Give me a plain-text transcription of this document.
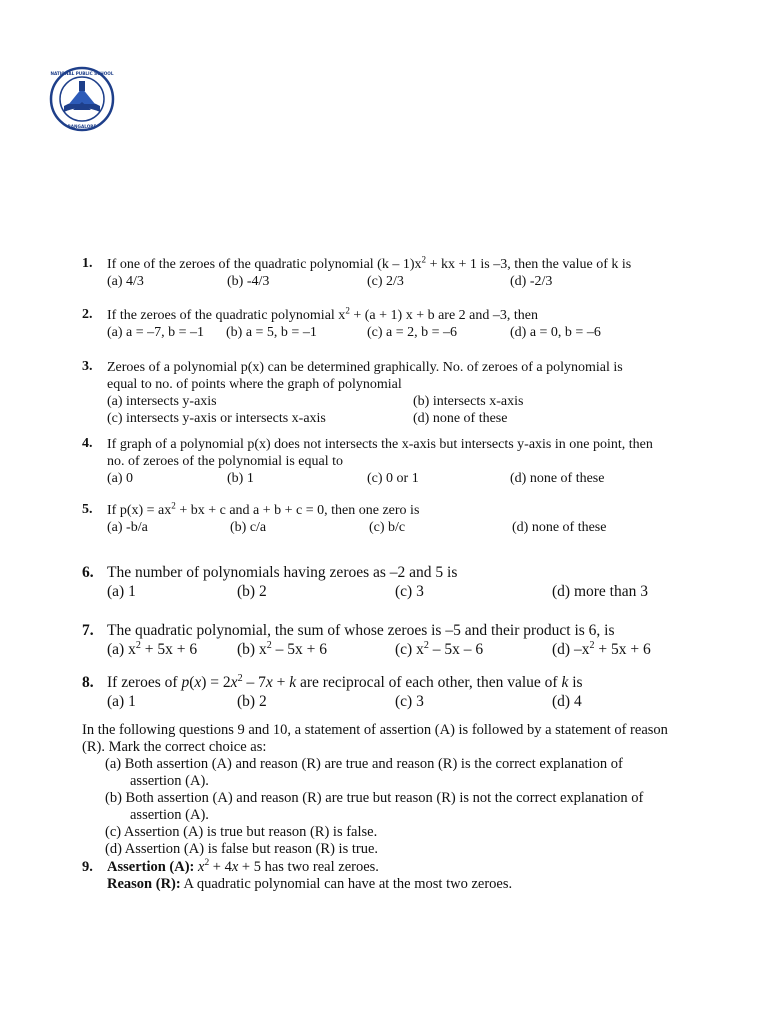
NATIONAL PUBLIC SCHOOL
BANGALORE
1.	If one of the zeroes of the quadratic polynomial $(k - 1)x^2$ + kx + 1 is –3, then the value of k is
(a) 4/3	(b) -4/3	(c) 2/3	(d) -2/3
2.	If the zeroes of the quadratic polynomial $x^2 + (a + 1) x + b$ are 2 and –3, then
(a) a = –7, b = –1 (b) a = 5, b = –1	(c) a = 2, b = –6	(d) a = 0, b = –6
3.	Zeroes of a polynomial p(x) can be determined graphically. No. of zeroes of a polynomial is
equal to no. of points where the graph of polynomial
(a) intersects y-axis	(b) intersects x-axis
(c) intersects y-axis or intersects x-axis	(d) none of these
4.	If graph of a polynomial p(x) does not intersects the x-axis but intersects y-axis in one point, then
no. of zeroes of the polynomial is equal to
(a) 0	(b) 1	(c) 0 or 1	(d) none of these
5.	If $p(x) = ax^2$ + bx + c and a + b + c = 0, then one zero is
(a) -b/a	(b) c/a	(c) b/c	(d) none of these
6. The number of polynomials having zeroes as –2 and 5 is
(a) 1	(b) 2	(c) 3	(d) more than 3
7. The quadratic polynomial, the sum of whose zeroes is –5 and their product is 6, is
(a) $x^2 + 5x + 6$	(b) $x^2 - 5x + 6$	(c) $x^2 - 5x - 6$	(d) $-x^2 + 5x + 6$
8. If zeroes of $p(x) = 2x^2 - 7x + k$ are reciprocal of each other, then value of k is
(a) 1	(b) 2	(c) 3	(d) 4
In the following questions 9 and 10, a statement of assertion (A) is followed by a statement of reason
(R). Mark the correct choice as:
(a) Both assertion (A) and reason (R) are true and reason (R) is the correct explanation of
assertion (A).
(b) Both assertion (A) and reason (R) are true but reason (R) is not the correct explanation of
assertion (A).
(c) Assertion (A) is true but reason (R) is false.
(d) Assertion (A) is false but reason (R) is true.
9. Assertion (A): $x^2 + 4x + 5$ has two real zeroes.
Reason (R): A quadratic polynomial can have at the most two zeroes.
